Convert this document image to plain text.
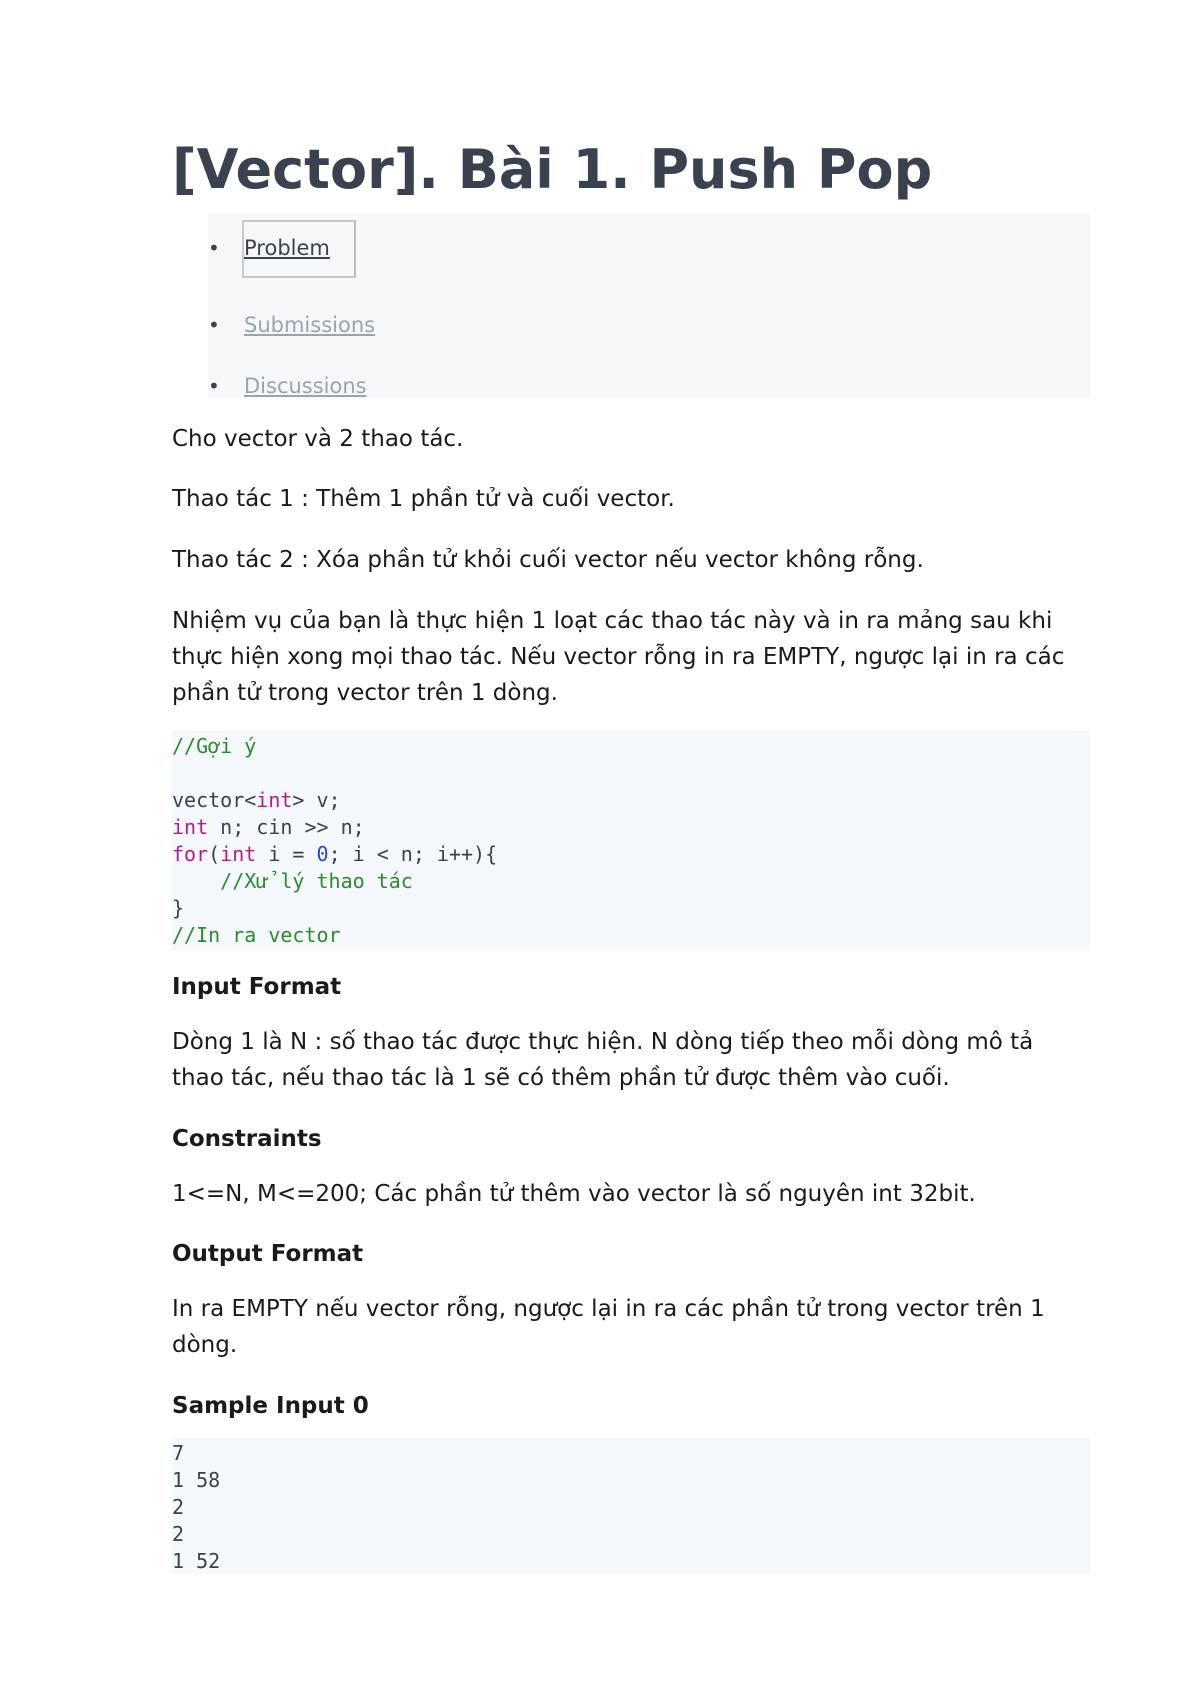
[Vector]. Bài 1. Push Pop
• Problem
• Submissions
• Discussions

Cho vector và 2 thao tác.

Thao tác 1 : Thêm 1 phần tử và cuối vector.

Thao tác 2 : Xóa phần tử khỏi cuối vector nếu vector không rỗng.

Nhiệm vụ của bạn là thực hiện 1 loạt các thao tác này và in ra mảng sau khi thực hiện xong mọi thao tác. Nếu vector rỗng in ra EMPTY, ngược lại in ra các phần tử trong vector trên 1 dòng.

//Gợi ý

vector<int> v;
int n; cin >> n;
for(int i = 0; i < n; i++){
//Xử lý thao tác
}
//In ra vector
Input Format

Dòng 1 là N : số thao tác được thực hiện. N dòng tiếp theo mỗi dòng mô tả thao tác, nếu thao tác là 1 sẽ có thêm phần tử được thêm vào cuối.

Constraints

1<=N, M<=200; Các phần tử thêm vào vector là số nguyên int 32bit.

Output Format

In ra EMPTY nếu vector rỗng, ngược lại in ra các phần tử trong vector trên 1 dòng.

Sample Input 0
7
1 58
2
2
1 52
